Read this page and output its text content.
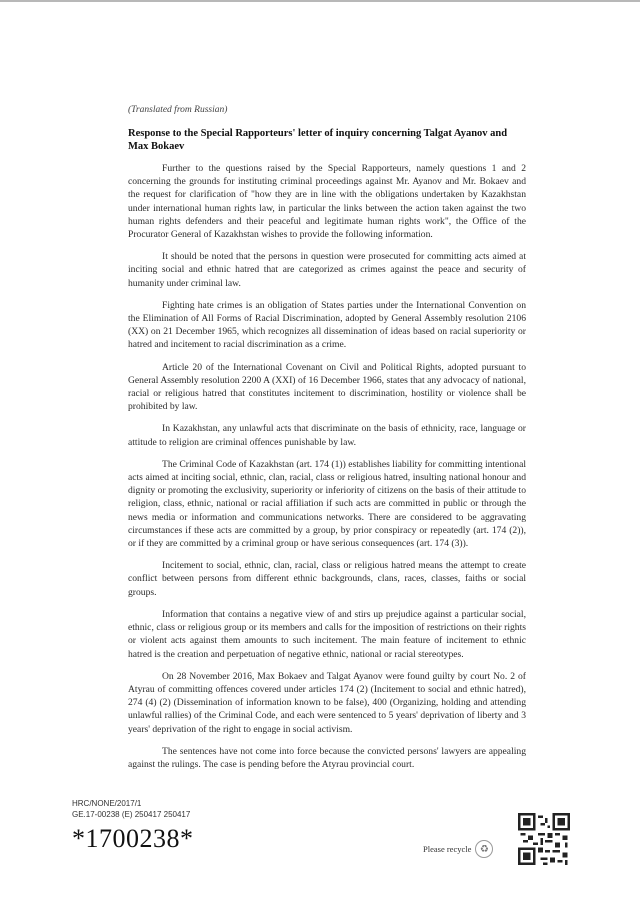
(Translated from Russian)
Response to the Special Rapporteurs' letter of inquiry concerning Talgat Ayanov and Max Bokaev

Further to the questions raised by the Special Rapporteurs, namely questions 1 and 2 concerning the grounds for instituting criminal proceedings against Mr. Ayanov and Mr. Bokaev and the request for clarification of "how they are in line with the obligations undertaken by Kazakhstan under international human rights law, in particular the links between the action taken against the two human rights defenders and their peaceful and legitimate human rights work", the Office of the Procurator General of Kazakhstan wishes to provide the following information.

It should be noted that the persons in question were prosecuted for committing acts aimed at inciting social and ethnic hatred that are categorized as crimes against the peace and security of humanity under criminal law.

Fighting hate crimes is an obligation of States parties under the International Convention on the Elimination of All Forms of Racial Discrimination, adopted by General Assembly resolution 2106 (XX) on 21 December 1965, which recognizes all dissemination of ideas based on racial superiority or hatred and incitement to racial discrimination as a crime.

Article 20 of the International Covenant on Civil and Political Rights, adopted pursuant to General Assembly resolution 2200 A (XXI) of 16 December 1966, states that any advocacy of national, racial or religious hatred that constitutes incitement to discrimination, hostility or violence shall be prohibited by law.

In Kazakhstan, any unlawful acts that discriminate on the basis of ethnicity, race, language or attitude to religion are criminal offences punishable by law.

The Criminal Code of Kazakhstan (art. 174 (1)) establishes liability for committing intentional acts aimed at inciting social, ethnic, clan, racial, class or religious hatred, insulting national honour and dignity or promoting the exclusivity, superiority or inferiority of citizens on the basis of their attitude to religion, class, ethnic, national or racial affiliation if such acts are committed in public or through the news media or information and communications networks. There are considered to be aggravating circumstances if these acts are committed by a group, by prior conspiracy or repeatedly (art. 174 (2)), or if they are committed by a criminal group or have serious consequences (art. 174 (3)).

Incitement to social, ethnic, clan, racial, class or religious hatred means the attempt to create conflict between persons from different ethnic backgrounds, clans, races, classes, faiths or social groups.

Information that contains a negative view of and stirs up prejudice against a particular social, ethnic, class or religious group or its members and calls for the imposition of restrictions on their rights or violent acts against them amounts to such incitement. The main feature of incitement to ethnic hatred is the creation and perpetuation of negative ethnic, national or racial stereotypes.

On 28 November 2016, Max Bokaev and Talgat Ayanov were found guilty by court No. 2 of Atyrau of committing offences covered under articles 174 (2) (Incitement to social and ethnic hatred), 274 (4) (2) (Dissemination of information known to be false), 400 (Organizing, holding and attending unlawful rallies) of the Criminal Code, and each were sentenced to 5 years' deprivation of liberty and 3 years' deprivation of the right to engage in social activism.

The sentences have not come into force because the convicted persons' lawyers are appealing against the rulings. The case is pending before the Atyrau provincial court.

HRC/NONE/2017/1
GE.17-00238 (E) 250417 250417
*1700238*	Please recycle ♻
